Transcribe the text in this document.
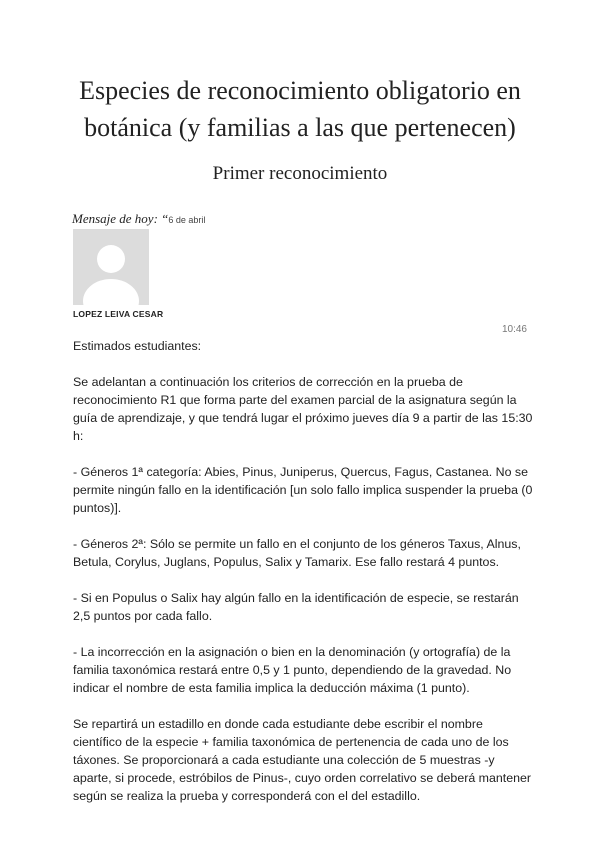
Especies de reconocimiento obligatorio en botánica (y familias a las que pertenecen)
Primer reconocimiento
Mensaje de hoy: “6 de abril
LOPEZ LEIVA CESAR
10:46

Estimados estudiantes:

Se adelantan a continuación los criterios de corrección en la prueba de reconocimiento R1 que forma parte del examen parcial de la asignatura según la guía de aprendizaje, y que tendrá lugar el próximo jueves día 9 a partir de las 15:30 h:

- Géneros 1ª categoría: Abies, Pinus, Juniperus, Quercus, Fagus, Castanea. No se permite ningún fallo en la identificación [un solo fallo implica suspender la prueba (0 puntos)].

- Géneros 2ª: Sólo se permite un fallo en el conjunto de los géneros Taxus, Alnus, Betula, Corylus, Juglans, Populus, Salix y Tamarix. Ese fallo restará 4 puntos.

- Si en Populus o Salix hay algún fallo en la identificación de especie, se restarán 2,5 puntos por cada fallo.

- La incorrección en la asignación o bien en la denominación (y ortografía) de la familia taxonómica restará entre 0,5 y 1 punto, dependiendo de la gravedad. No indicar el nombre de esta familia implica la deducción máxima (1 punto).

Se repartirá un estadillo en donde cada estudiante debe escribir el nombre científico de la especie + familia taxonómica de pertenencia de cada uno de los táxones. Se proporcionará a cada estudiante una colección de 5 muestras -y aparte, si procede, estróbilos de Pinus-, cuyo orden correlativo se deberá mantener según se realiza la prueba y corresponderá con el del estadillo.
